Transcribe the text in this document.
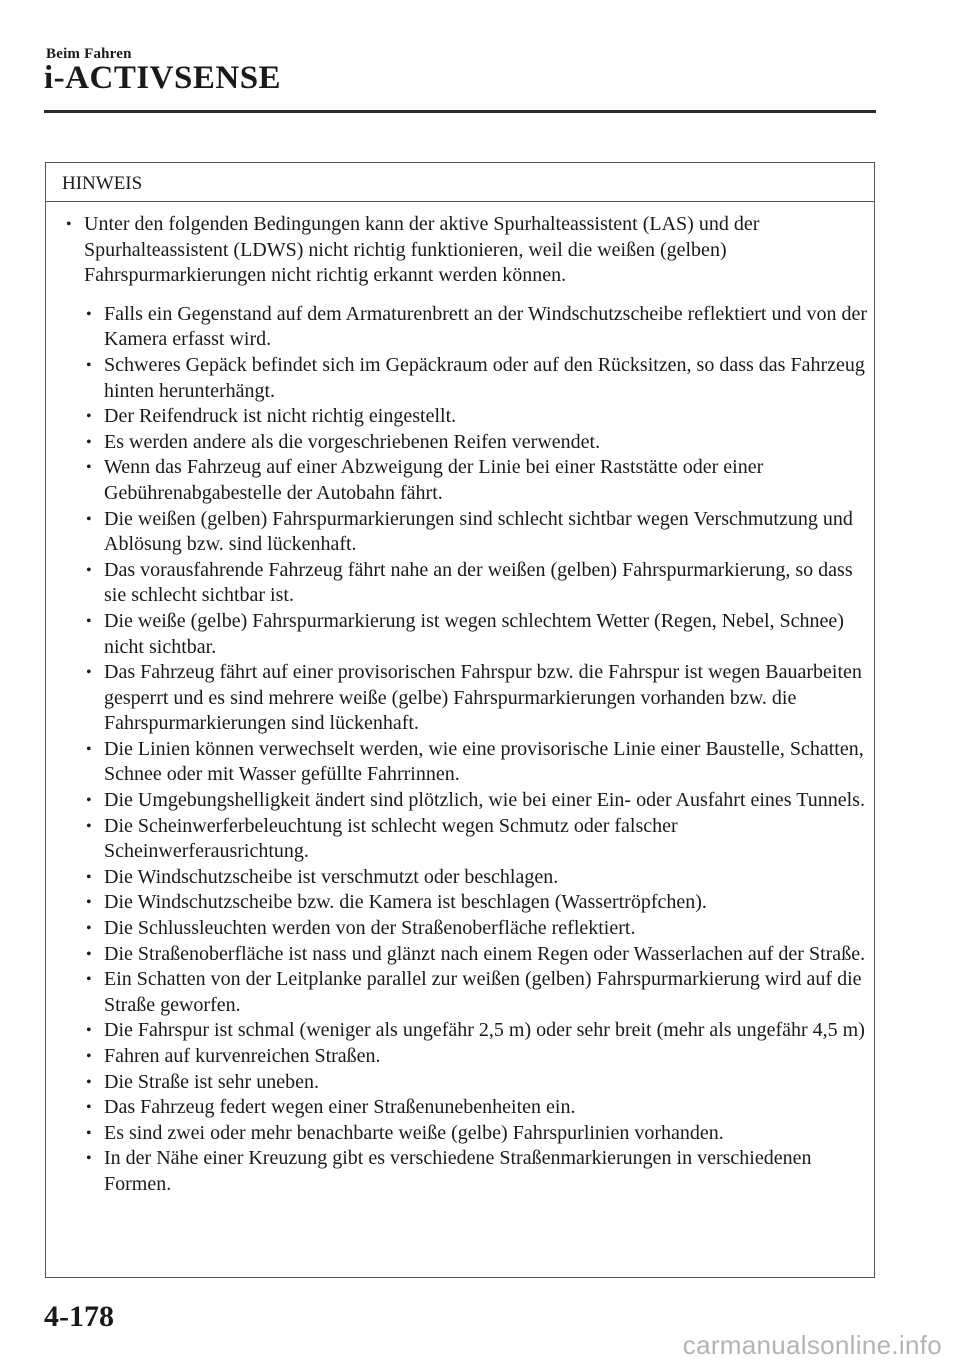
Beim Fahren
i-ACTIVSENSE
HINWEIS
• Unter den folgenden Bedingungen kann der aktive Spurhalteassistent (LAS) und der Spurhalteassistent (LDWS) nicht richtig funktionieren, weil die weißen (gelben) Fahrspurmarkierungen nicht richtig erkannt werden können.
• Falls ein Gegenstand auf dem Armaturenbrett an der Windschutzscheibe reflektiert und von der Kamera erfasst wird.
• Schweres Gepäck befindet sich im Gepäckraum oder auf den Rücksitzen, so dass das Fahrzeug hinten herunterhängt.
• Der Reifendruck ist nicht richtig eingestellt.
• Es werden andere als die vorgeschriebenen Reifen verwendet.
• Wenn das Fahrzeug auf einer Abzweigung der Linie bei einer Raststätte oder einer Gebührenabgabestelle der Autobahn fährt.
• Die weißen (gelben) Fahrspurmarkierungen sind schlecht sichtbar wegen Verschmutzung und Ablösung bzw. sind lückenhaft.
• Das vorausfahrende Fahrzeug fährt nahe an der weißen (gelben) Fahrspurmarkierung, so dass sie schlecht sichtbar ist.
• Die weiße (gelbe) Fahrspurmarkierung ist wegen schlechtem Wetter (Regen, Nebel, Schnee) nicht sichtbar.
• Das Fahrzeug fährt auf einer provisorischen Fahrspur bzw. die Fahrspur ist wegen Bauarbeiten gesperrt und es sind mehrere weiße (gelbe) Fahrspurmarkierungen vorhanden bzw. die Fahrspurmarkierungen sind lückenhaft.
• Die Linien können verwechselt werden, wie eine provisorische Linie einer Baustelle, Schatten, Schnee oder mit Wasser gefüllte Fahrrinnen.
• Die Umgebungshelligkeit ändert sind plötzlich, wie bei einer Ein- oder Ausfahrt eines Tunnels.
• Die Scheinwerferbeleuchtung ist schlecht wegen Schmutz oder falscher Scheinwerferausrichtung.
• Die Windschutzscheibe ist verschmutzt oder beschlagen.
• Die Windschutzscheibe bzw. die Kamera ist beschlagen (Wassertröpfchen).
• Die Schlussleuchten werden von der Straßenoberfläche reflektiert.
• Die Straßenoberfläche ist nass und glänzt nach einem Regen oder Wasserlachen auf der Straße.
• Ein Schatten von der Leitplanke parallel zur weißen (gelben) Fahrspurmarkierung wird auf die Straße geworfen.
• Die Fahrspur ist schmal (weniger als ungefähr 2,5 m) oder sehr breit (mehr als ungefähr 4,5 m)
• Fahren auf kurvenreichen Straßen.
• Die Straße ist sehr uneben.
• Das Fahrzeug federt wegen einer Straßenunebenheiten ein.
• Es sind zwei oder mehr benachbarte weiße (gelbe) Fahrspurlinien vorhanden.
• In der Nähe einer Kreuzung gibt es verschiedene Straßenmarkierungen in verschiedenen Formen.
4-178
carmanualsonline.info
